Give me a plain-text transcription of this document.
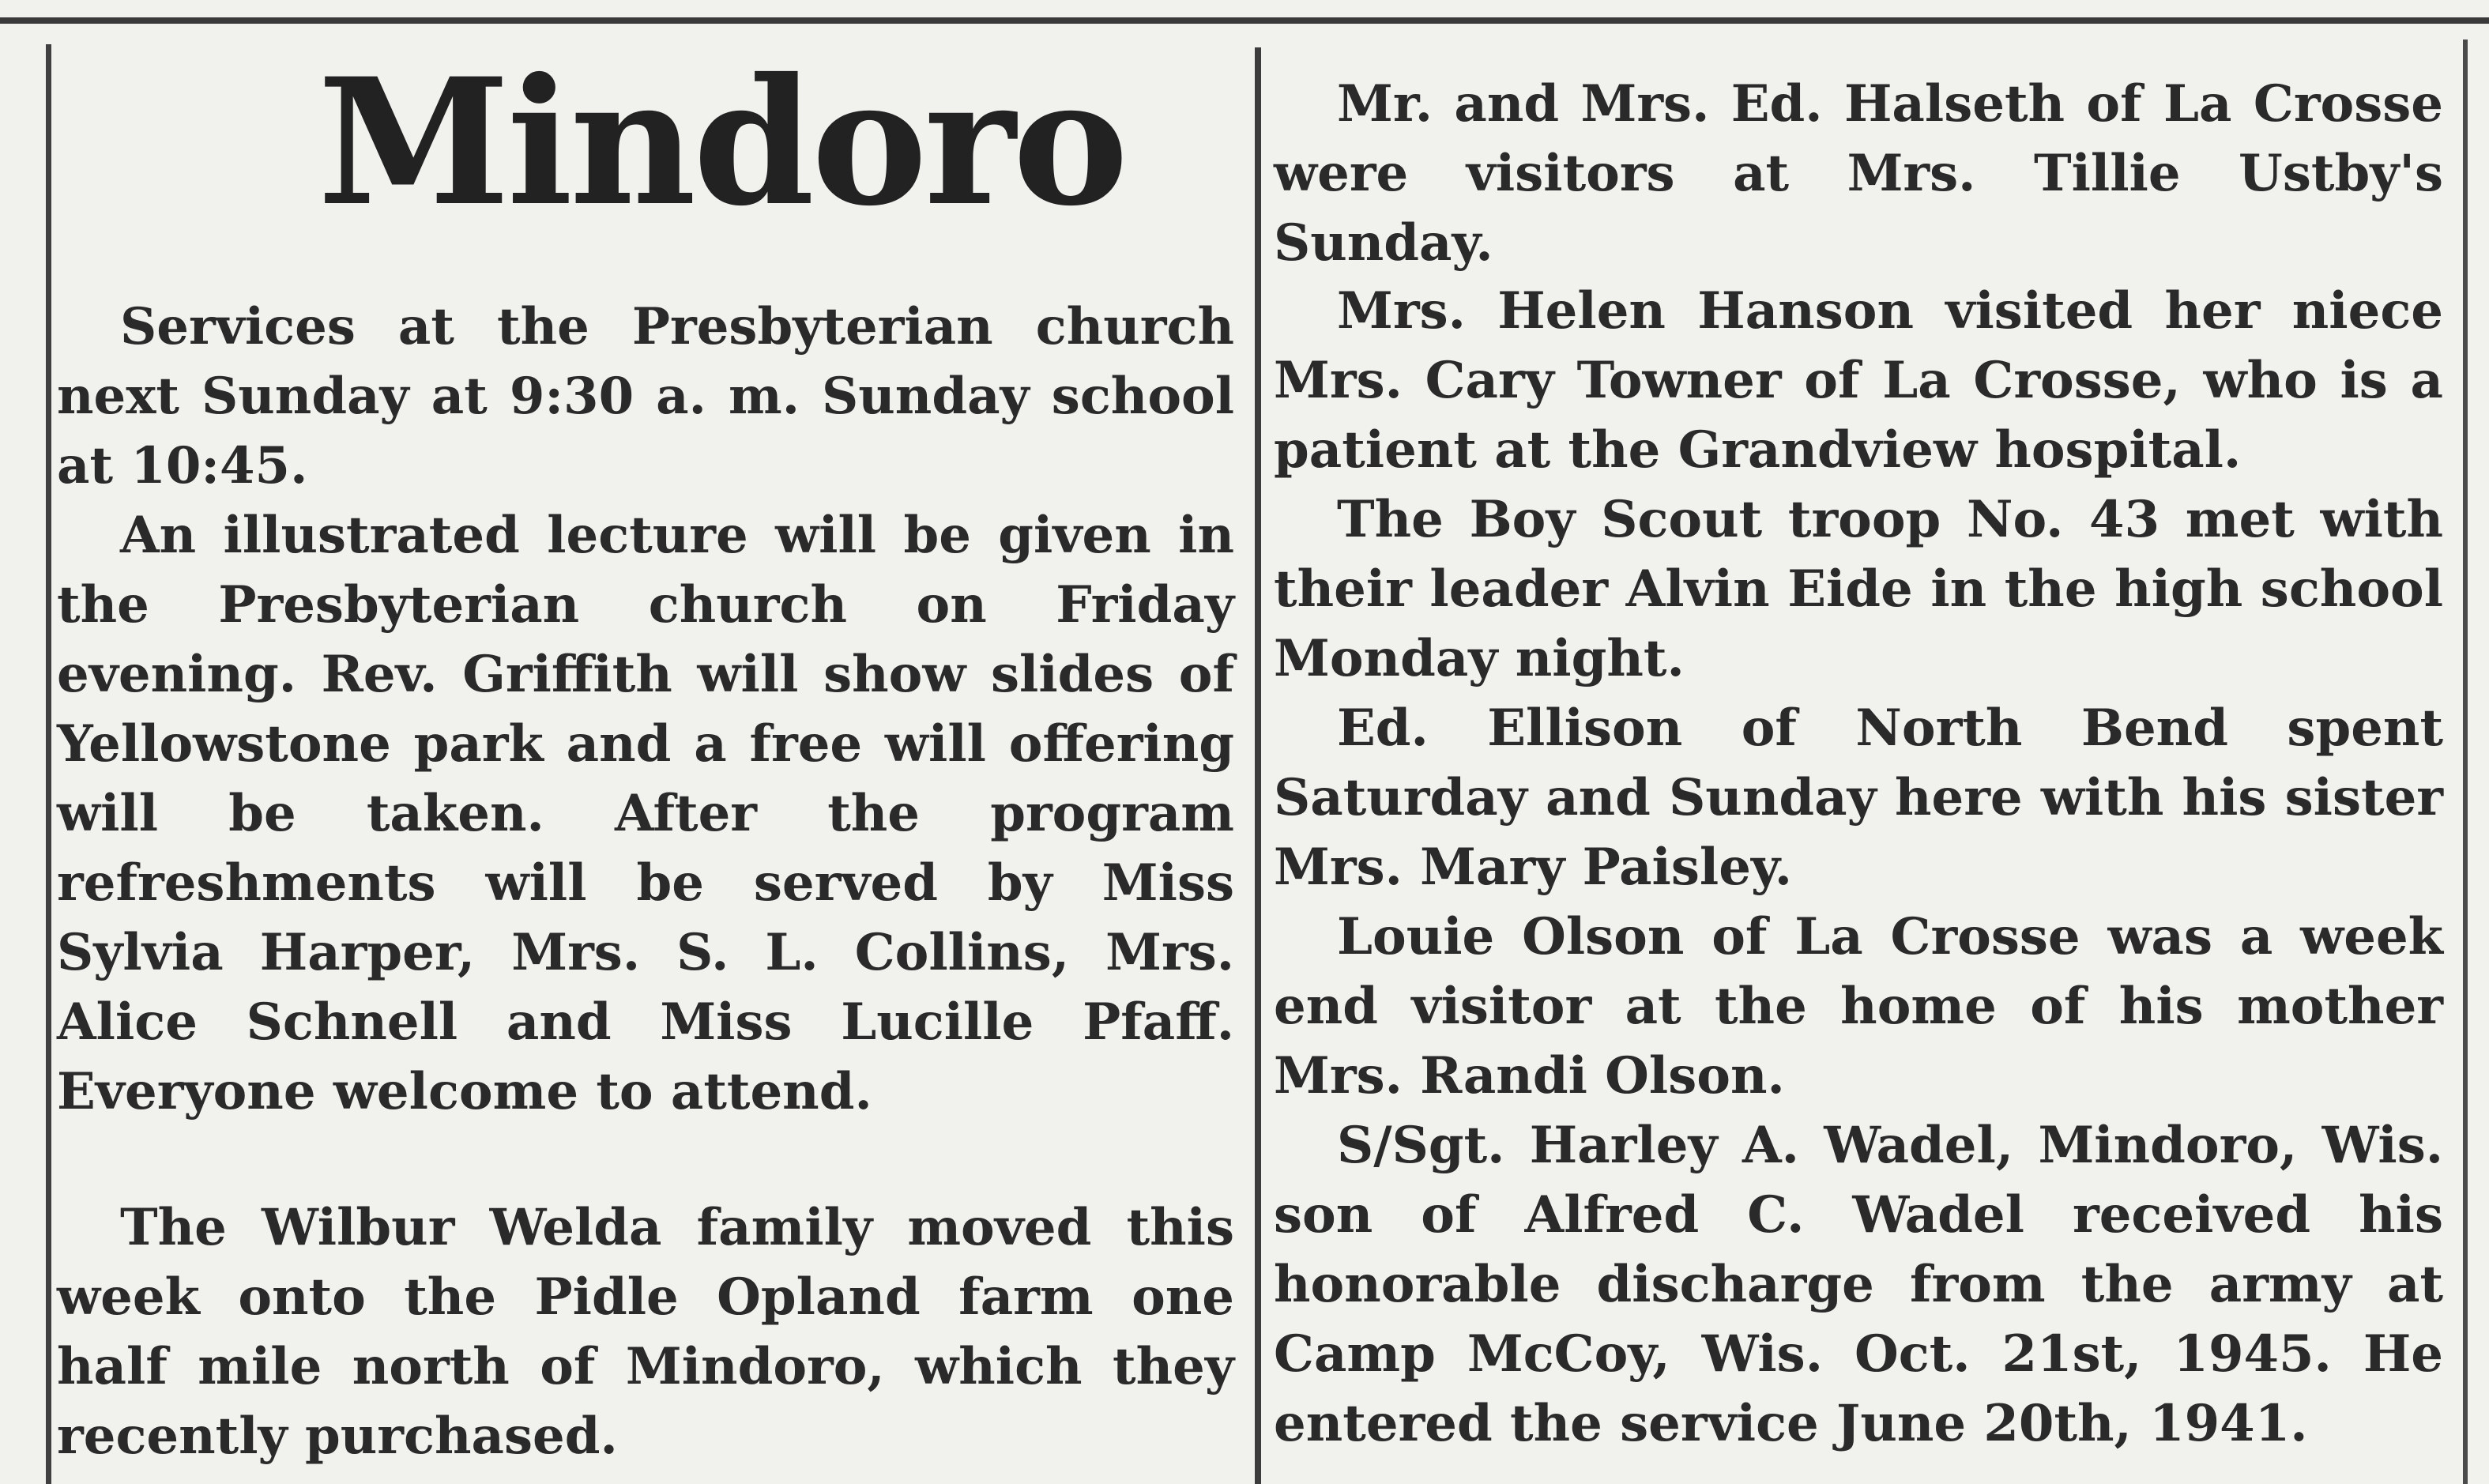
Mindoro

Services at the Presbyterian church next Sunday at 9:30 a. m. Sunday school at 10:45.

An illustrated lecture will be given in the Presbyterian church on Friday evening. Rev. Griffith will show slides of Yellowstone park and a free will offering will be taken. After the program refreshments will be served by Miss Sylvia Harper, Mrs. S. L. Collins, Mrs. Alice Schnell and Miss Lucille Pfaff. Everyone welcome to attend.

The Wilbur Welda family moved this week onto the Pidle Opland farm one half mile north of Mindoro, which they recently purchased.

Mr. and Mrs. Ed. Halseth of La Crosse were visitors at Mrs. Tillie Ustby's Sunday.

Mrs. Helen Hanson visited her niece Mrs. Cary Towner of La Crosse, who is a patient at the Grandview hospital.

The Boy Scout troop No. 43 met with their leader Alvin Eide in the high school Monday night.

Ed. Ellison of North Bend spent Saturday and Sunday here with his sister Mrs. Mary Paisley.

Louie Olson of La Crosse was a week end visitor at the home of his mother Mrs. Randi Olson.

S/Sgt. Harley A. Wadel, Mindoro, Wis. son of Alfred C. Wadel received his honorable discharge from the army at Camp McCoy, Wis. Oct. 21st, 1945. He entered the service June 20th, 1941.
